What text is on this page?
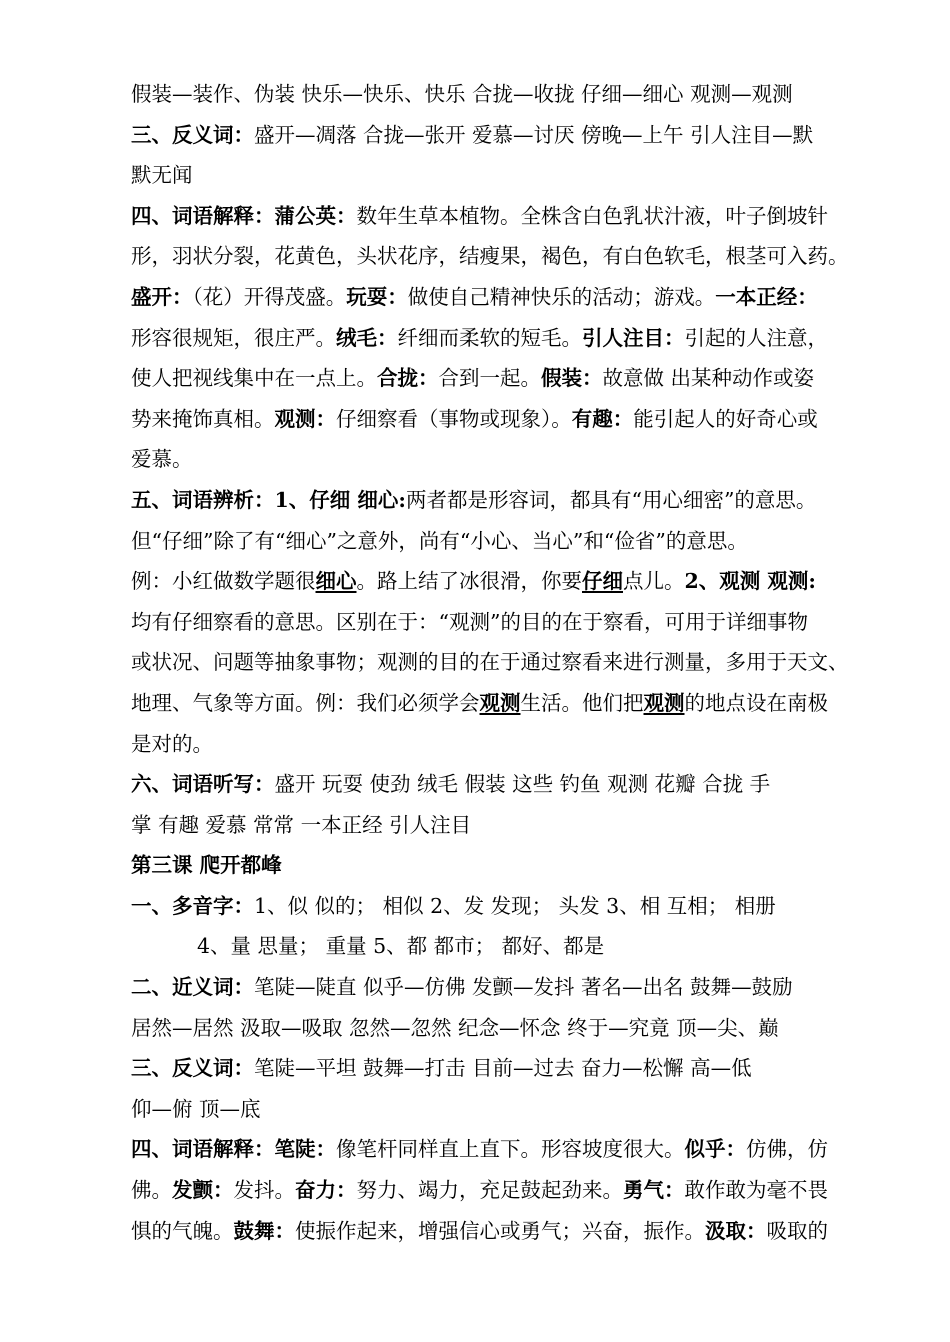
假装—装作、伪装 快乐—快乐、快乐 合拢—收拢 仔细—细心 观测—观测
三、反义词：盛开—凋落 合拢—张开 爱慕—讨厌 傍晚—上午 引人注目—默
默无闻
四、词语解释：蒲公英：数年生草本植物。全株含白色乳状汁液，叶子倒坡针
形，羽状分裂，花黄色，头状花序，结瘦果，褐色，有白色软毛，根茎可入药。
盛开：（花）开得茂盛。玩耍：做使自己精神快乐的活动；游戏。一本正经：
形容很规矩，很庄严。绒毛：纤细而柔软的短毛。引人注目：引起的人注意，
使人把视线集中在一点上。合拢：合到一起。假装：故意做 出某种动作或姿
势来掩饰真相。观测：仔细察看（事物或现象）。有趣：能引起人的好奇心或
爱慕。
五、词语辨析：1、仔细 细心:两者都是形容词，都具有“用心细密”的意思。
但“仔细”除了有“细心”之意外，尚有“小心、当心”和“俭省”的意思。
例：小红做数学题很细心。路上结了冰很滑，你要仔细点儿。2、观测 观测:
均有仔细察看的意思。区别在于：“观测”的目的在于察看，可用于详细事物
或状况、问题等抽象事物；观测的目的在于通过察看来进行测量，多用于天文、
地理、气象等方面。例：我们必须学会观测生活。他们把观测的地点设在南极
是对的。
六、词语听写：盛开 玩耍 使劲 绒毛 假装 这些 钓鱼 观测 花瓣 合拢 手
掌 有趣 爱慕 常常 一本正经 引人注目
第三课 爬开都峰
一、多音字：1、似 似的； 相似 2、发 发现； 头发 3、相 互相； 相册
4、量 思量； 重量 5、都 都市； 都好、都是
二、近义词：笔陡—陡直 似乎—仿佛 发颤—发抖 著名—出名 鼓舞—鼓励
居然—居然 汲取—吸取 忽然—忽然 纪念—怀念 终于—究竟 顶—尖、巅
三、反义词：笔陡—平坦 鼓舞—打击 目前—过去 奋力—松懈 高—低
仰—俯 顶—底
四、词语解释：笔陡：像笔杆同样直上直下。形容坡度很大。似乎：仿佛，仿
佛。发颤：发抖。奋力：努力、竭力，充足鼓起劲来。勇气：敢作敢为毫不畏
惧的气魄。鼓舞：使振作起来，增强信心或勇气；兴奋，振作。汲取：吸取的
